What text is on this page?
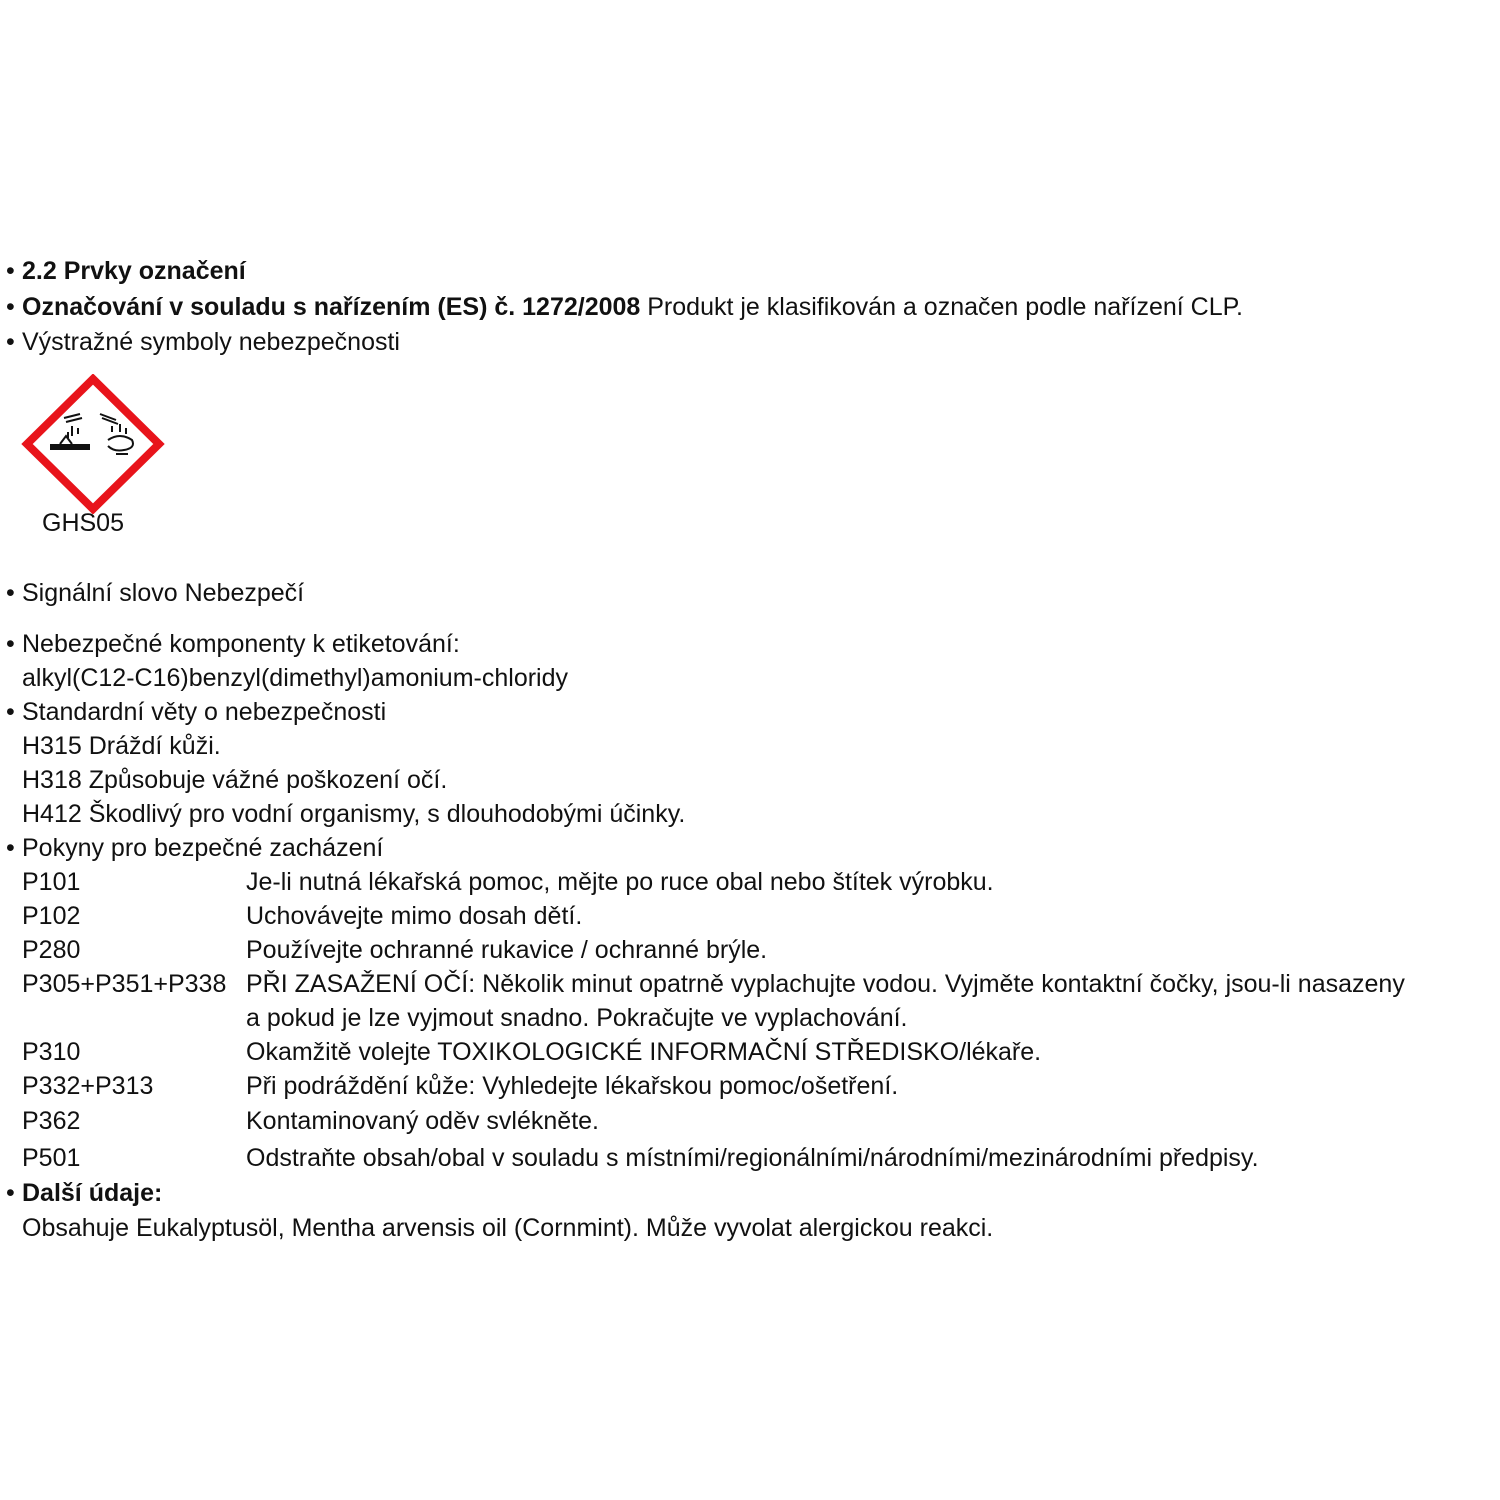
• 2.2 Prvky označení
• Označování v souladu s nařízením (ES) č. 1272/2008 Produkt je klasifikován a označen podle nařízení CLP.
• Výstražné symboly nebezpečnosti
GHS05
• Signální slovo Nebezpečí
• Nebezpečné komponenty k etiketování:
alkyl(C12-C16)benzyl(dimethyl)amonium-chloridy
• Standardní věty o nebezpečnosti
H315 Dráždí kůži.
H318 Způsobuje vážné poškození očí.
H412 Škodlivý pro vodní organismy, s dlouhodobými účinky.
• Pokyny pro bezpečné zacházení
P101	Je-li nutná lékařská pomoc, mějte po ruce obal nebo štítek výrobku.
P102	Uchovávejte mimo dosah dětí.
P280	Používejte ochranné rukavice / ochranné brýle.
P305+P351+P338 PŘI ZASAŽENÍ OČÍ: Několik minut opatrně vyplachujte vodou. Vyjměte kontaktní čočky, jsou-li nasazeny
a pokud je lze vyjmout snadno. Pokračujte ve vyplachování.
P310	Okamžitě volejte TOXIKOLOGICKÉ INFORMAČNÍ STŘEDISKO/lékaře.
P332+P313	Při podráždění kůže: Vyhledejte lékařskou pomoc/ošetření.
P362	Kontaminovaný oděv svlékněte.
P501	Odstraňte obsah/obal v souladu s místními/regionálními/národními/mezinárodními předpisy.
• Další údaje:
Obsahuje Eukalyptusöl, Mentha arvensis oil (Cornmint). Může vyvolat alergickou reakci.
